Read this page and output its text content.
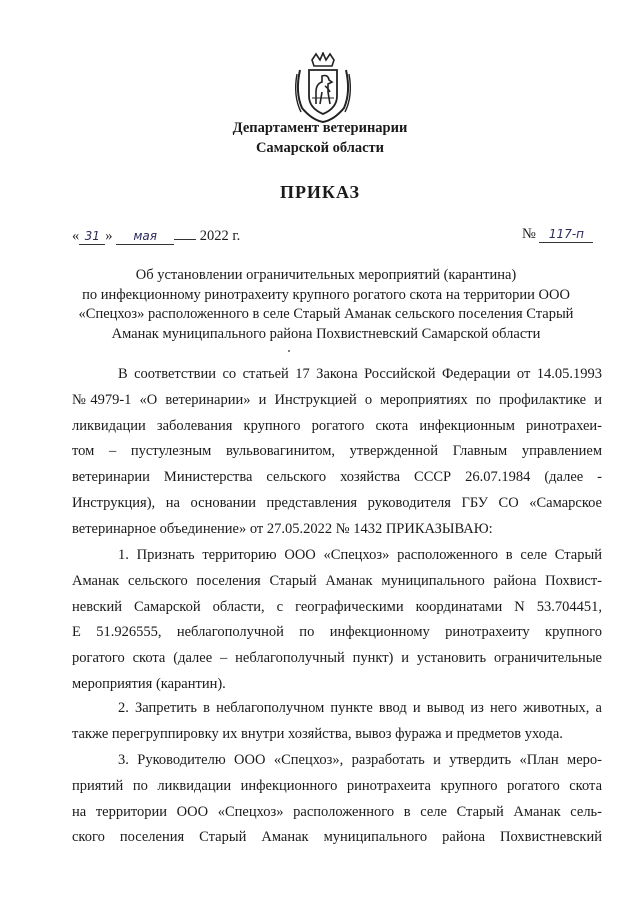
Департамент ветеринарии
Самарской области
ПРИКАЗ
« 31 » мая	2022 г.	№ 117-п
Об установлении ограничительных мероприятий (карантина)
по инфекционному ринотрахеиту крупного рогатого скота на территории ООО
«Спецхоз» расположенного в селе Старый Аманак сельского поселения Старый
Аманак муниципального района Похвистневский Самарской области

В соответствии со статьей 17 Закона Российской Федерации от 14.05.1993

№4979-1 «О ветеринарии» и Инструкцией о мероприятиях по профилактике и
ликвидации заболевания крупного рогатого скота инфекционным ринотрахеи-
том – пустулезным вульвовагинитом, утвержденной Главным управлением
ветеринарии Министерства сельского хозяйства СССР 26.07.1984 (далее -
Инструкция), на основании представления руководителя ГБУ СО «Самарское
ветеринарное объединение» от 27.05.2022 № 1432 ПРИКАЗЫВАЮ:

1. Признать территорию ООО «Спецхоз» расположенного в селе Старый

Аманак сельского поселения Старый Аманак муниципального района Похвист-
невский Самарской области, с географическими координатами N 53.704451,
E 51.926555, неблагополучной по инфекционному ринотрахеиту крупного
рогатого скота (далее – неблагополучный пункт) и установить ограничительные
мероприятия (карантин).

2. Запретить в неблагополучном пункте ввод и вывод из него животных, а

также перегруппировку их внутри хозяйства, вывоз фуража и предметов ухода.

3. Руководителю ООО «Спецхоз», разработать и утвердить «План меро-

приятий по ликвидации инфекционного ринотрахеита крупного рогатого скота
на территории ООО «Спецхоз» расположенного в селе Старый Аманак сель-
ского поселения Старый Аманак муниципального района Похвистневский
